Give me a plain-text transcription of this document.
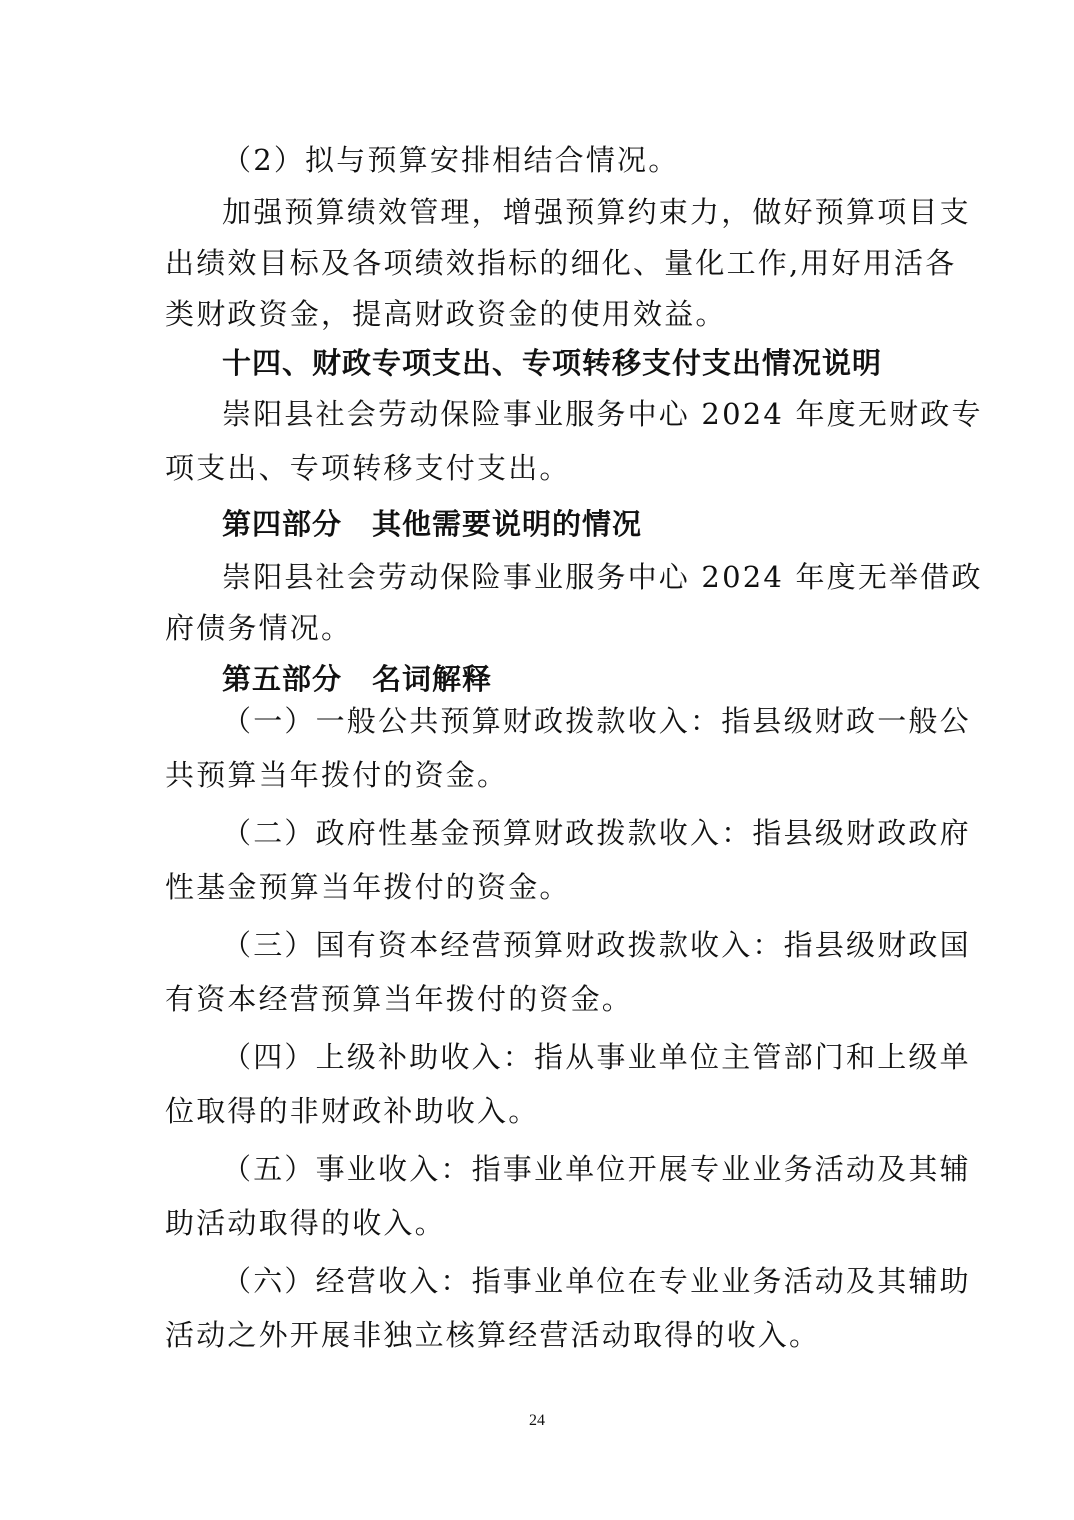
（2）拟与预算安排相结合情况。
加强预算绩效管理，增强预算约束力，做好预算项目支
出绩效目标及各项绩效指标的细化、量化工作,用好用活各
类财政资金，提高财政资金的使用效益。
十四、财政专项支出、专项转移支付支出情况说明
崇阳县社会劳动保险事业服务中心 2024 年度无财政专
项支出、专项转移支付支出。
第四部分　其他需要说明的情况
崇阳县社会劳动保险事业服务中心 2024 年度无举借政
府债务情况。
第五部分　名词解释
（一）一般公共预算财政拨款收入：指县级财政一般公
共预算当年拨付的资金。
（二）政府性基金预算财政拨款收入：指县级财政政府
性基金预算当年拨付的资金。
（三）国有资本经营预算财政拨款收入：指县级财政国
有资本经营预算当年拨付的资金。
（四）上级补助收入：指从事业单位主管部门和上级单
位取得的非财政补助收入。
（五）事业收入：指事业单位开展专业业务活动及其辅
助活动取得的收入。
（六）经营收入：指事业单位在专业业务活动及其辅助
活动之外开展非独立核算经营活动取得的收入。
24
